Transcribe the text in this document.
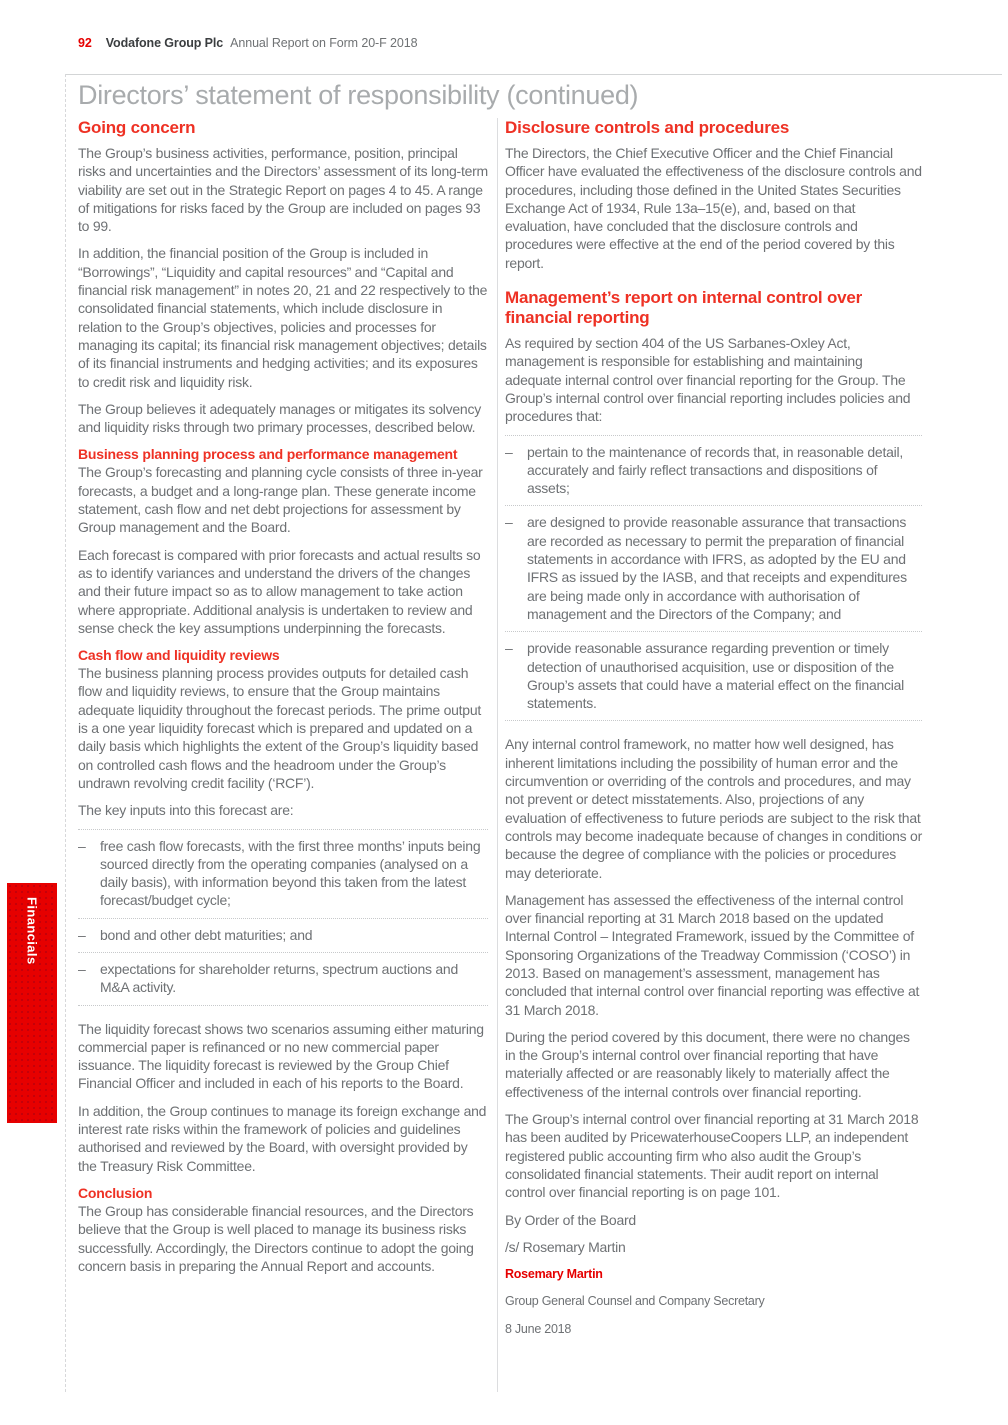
92 Vodafone Group Plc Annual Report on Form 20-F 2018
Directors’ statement of responsibility (continued)
Financials
Going concern

The Group’s business activities, performance, position, principal risks and uncertainties and the Directors’ assessment of its long-term viability are set out in the Strategic Report on pages 4 to 45. A range of mitigations for risks faced by the Group are included on pages 93 to 99.

In addition, the financial position of the Group is included in “Borrowings”, “Liquidity and capital resources” and “Capital and financial risk management” in notes 20, 21 and 22 respectively to the consolidated financial statements, which include disclosure in relation to the Group’s objectives, policies and processes for managing its capital; its financial risk management objectives; details of its financial instruments and hedging activities; and its exposures to credit risk and liquidity risk.

The Group believes it adequately manages or mitigates its solvency and liquidity risks through two primary processes, described below.

Business planning process and performance management

The Group’s forecasting and planning cycle consists of three in-year forecasts, a budget and a long-range plan. These generate income statement, cash flow and net debt projections for assessment by Group management and the Board.

Each forecast is compared with prior forecasts and actual results so as to identify variances and understand the drivers of the changes and their future impact so as to allow management to take action where appropriate. Additional analysis is undertaken to review and sense check the key assumptions underpinning the forecasts.

Cash flow and liquidity reviews

The business planning process provides outputs for detailed cash flow and liquidity reviews, to ensure that the Group maintains adequate liquidity throughout the forecast periods. The prime output is a one year liquidity forecast which is prepared and updated on a daily basis which highlights the extent of the Group’s liquidity based on controlled cash flows and the headroom under the Group’s undrawn revolving credit facility (‘RCF’).

The key inputs into this forecast are:

–	free cash flow forecasts, with the first three months’ inputs being sourced directly from the operating companies (analysed on a daily basis), with information beyond this taken from the latest forecast/budget cycle;
–	bond and other debt maturities; and
–	expectations for shareholder returns, spectrum auctions and M&A activity.

The liquidity forecast shows two scenarios assuming either maturing commercial paper is refinanced or no new commercial paper issuance. The liquidity forecast is reviewed by the Group Chief Financial Officer and included in each of his reports to the Board.

In addition, the Group continues to manage its foreign exchange and interest rate risks within the framework of policies and guidelines authorised and reviewed by the Board, with oversight provided by the Treasury Risk Committee.

Conclusion

The Group has considerable financial resources, and the Directors believe that the Group is well placed to manage its business risks successfully. Accordingly, the Directors continue to adopt the going concern basis in preparing the Annual Report and accounts.

Disclosure controls and procedures

The Directors, the Chief Executive Officer and the Chief Financial Officer have evaluated the effectiveness of the disclosure controls and procedures, including those defined in the United States Securities Exchange Act of 1934, Rule 13a–15(e), and, based on that evaluation, have concluded that the disclosure controls and procedures were effective at the end of the period covered by this report.

Management’s report on internal control over financial reporting

As required by section 404 of the US Sarbanes-Oxley Act, management is responsible for establishing and maintaining adequate internal control over financial reporting for the Group. The Group’s internal control over financial reporting includes policies and procedures that:

–	pertain to the maintenance of records that, in reasonable detail, accurately and fairly reflect transactions and dispositions of assets;
–	are designed to provide reasonable assurance that transactions are recorded as necessary to permit the preparation of financial statements in accordance with IFRS, as adopted by the EU and IFRS as issued by the IASB, and that receipts and expenditures are being made only in accordance with authorisation of management and the Directors of the Company; and
–	provide reasonable assurance regarding prevention or timely detection of unauthorised acquisition, use or disposition of the Group’s assets that could have a material effect on the financial statements.

Any internal control framework, no matter how well designed, has inherent limitations including the possibility of human error and the circumvention or overriding of the controls and procedures, and may not prevent or detect misstatements. Also, projections of any evaluation of effectiveness to future periods are subject to the risk that controls may become inadequate because of changes in conditions or because the degree of compliance with the policies or procedures may deteriorate.

Management has assessed the effectiveness of the internal control over financial reporting at 31 March 2018 based on the updated Internal Control – Integrated Framework, issued by the Committee of Sponsoring Organizations of the Treadway Commission (‘COSO’) in 2013. Based on management’s assessment, management has concluded that internal control over financial reporting was effective at 31 March 2018.

During the period covered by this document, there were no changes in the Group’s internal control over financial reporting that have materially affected or are reasonably likely to materially affect the effectiveness of the internal controls over financial reporting.

The Group’s internal control over financial reporting at 31 March 2018 has been audited by PricewaterhouseCoopers LLP, an independent registered public accounting firm who also audit the Group’s consolidated financial statements. Their audit report on internal control over financial reporting is on page 101.

By Order of the Board

/s/ Rosemary Martin

Rosemary Martin

Group General Counsel and Company Secretary

8 June 2018
